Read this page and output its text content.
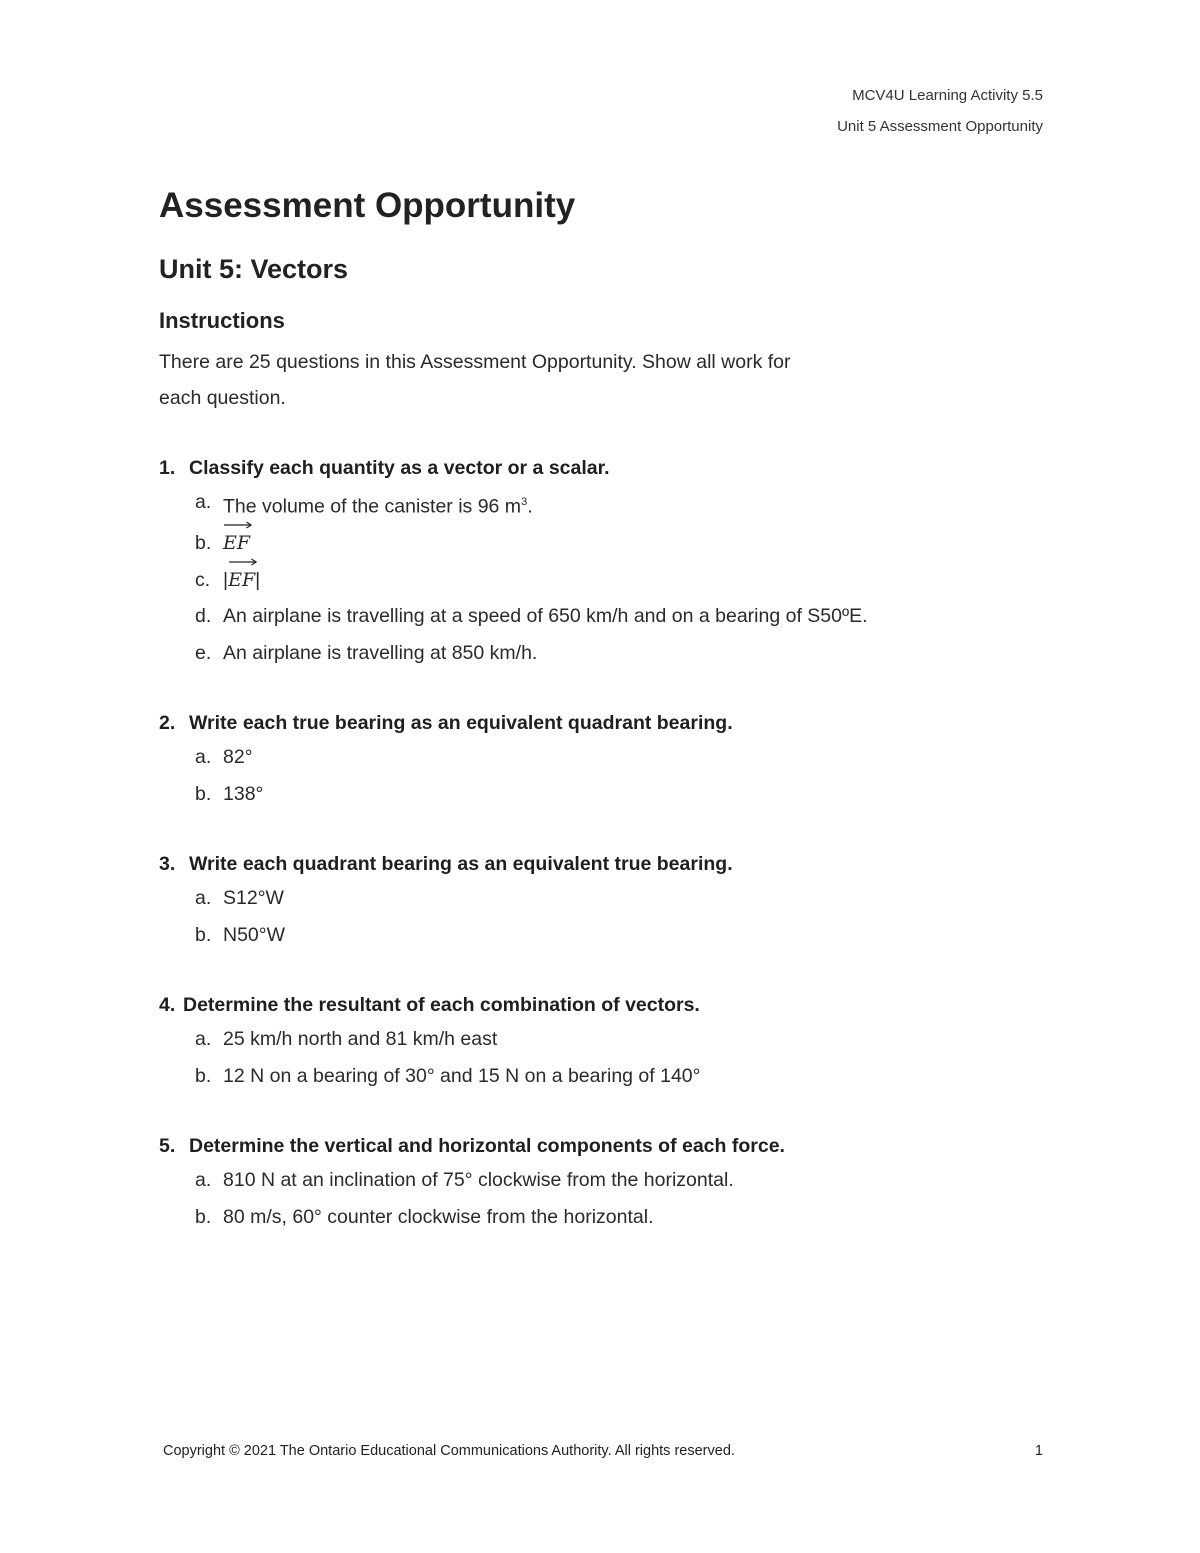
MCV4U Learning Activity 5.5
Unit 5 Assessment Opportunity
Assessment Opportunity
Unit 5: Vectors
Instructions

There are 25 questions in this Assessment Opportunity. Show all work for
each question.

1. Classify each quantity as a vector or a scalar.
a. The volume of the canister is 96 $m^3$.
b. EF
c. |
EF|
d. An airplane is travelling at a speed of 650 km/h and on a bearing of S50ºE.
e. An airplane is travelling at 850 km/h.
2. Write each true bearing as an equivalent quadrant bearing.
a. 82°
b. 138°
3. Write each quadrant bearing as an equivalent true bearing.
a. S12°W
b. N50°W
4. Determine the resultant of each combination of vectors.
a. 25 km/h north and 81 km/h east
b. 12 N on a bearing of 30° and 15 N on a bearing of 140°
5. Determine the vertical and horizontal components of each force.
a. 810 N at an inclination of 75° clockwise from the horizontal.
b. 80 m/s, 60° counter clockwise from the horizontal.
Copyright © 2021 The Ontario Educational Communications Authority. All rights reserved.	1
